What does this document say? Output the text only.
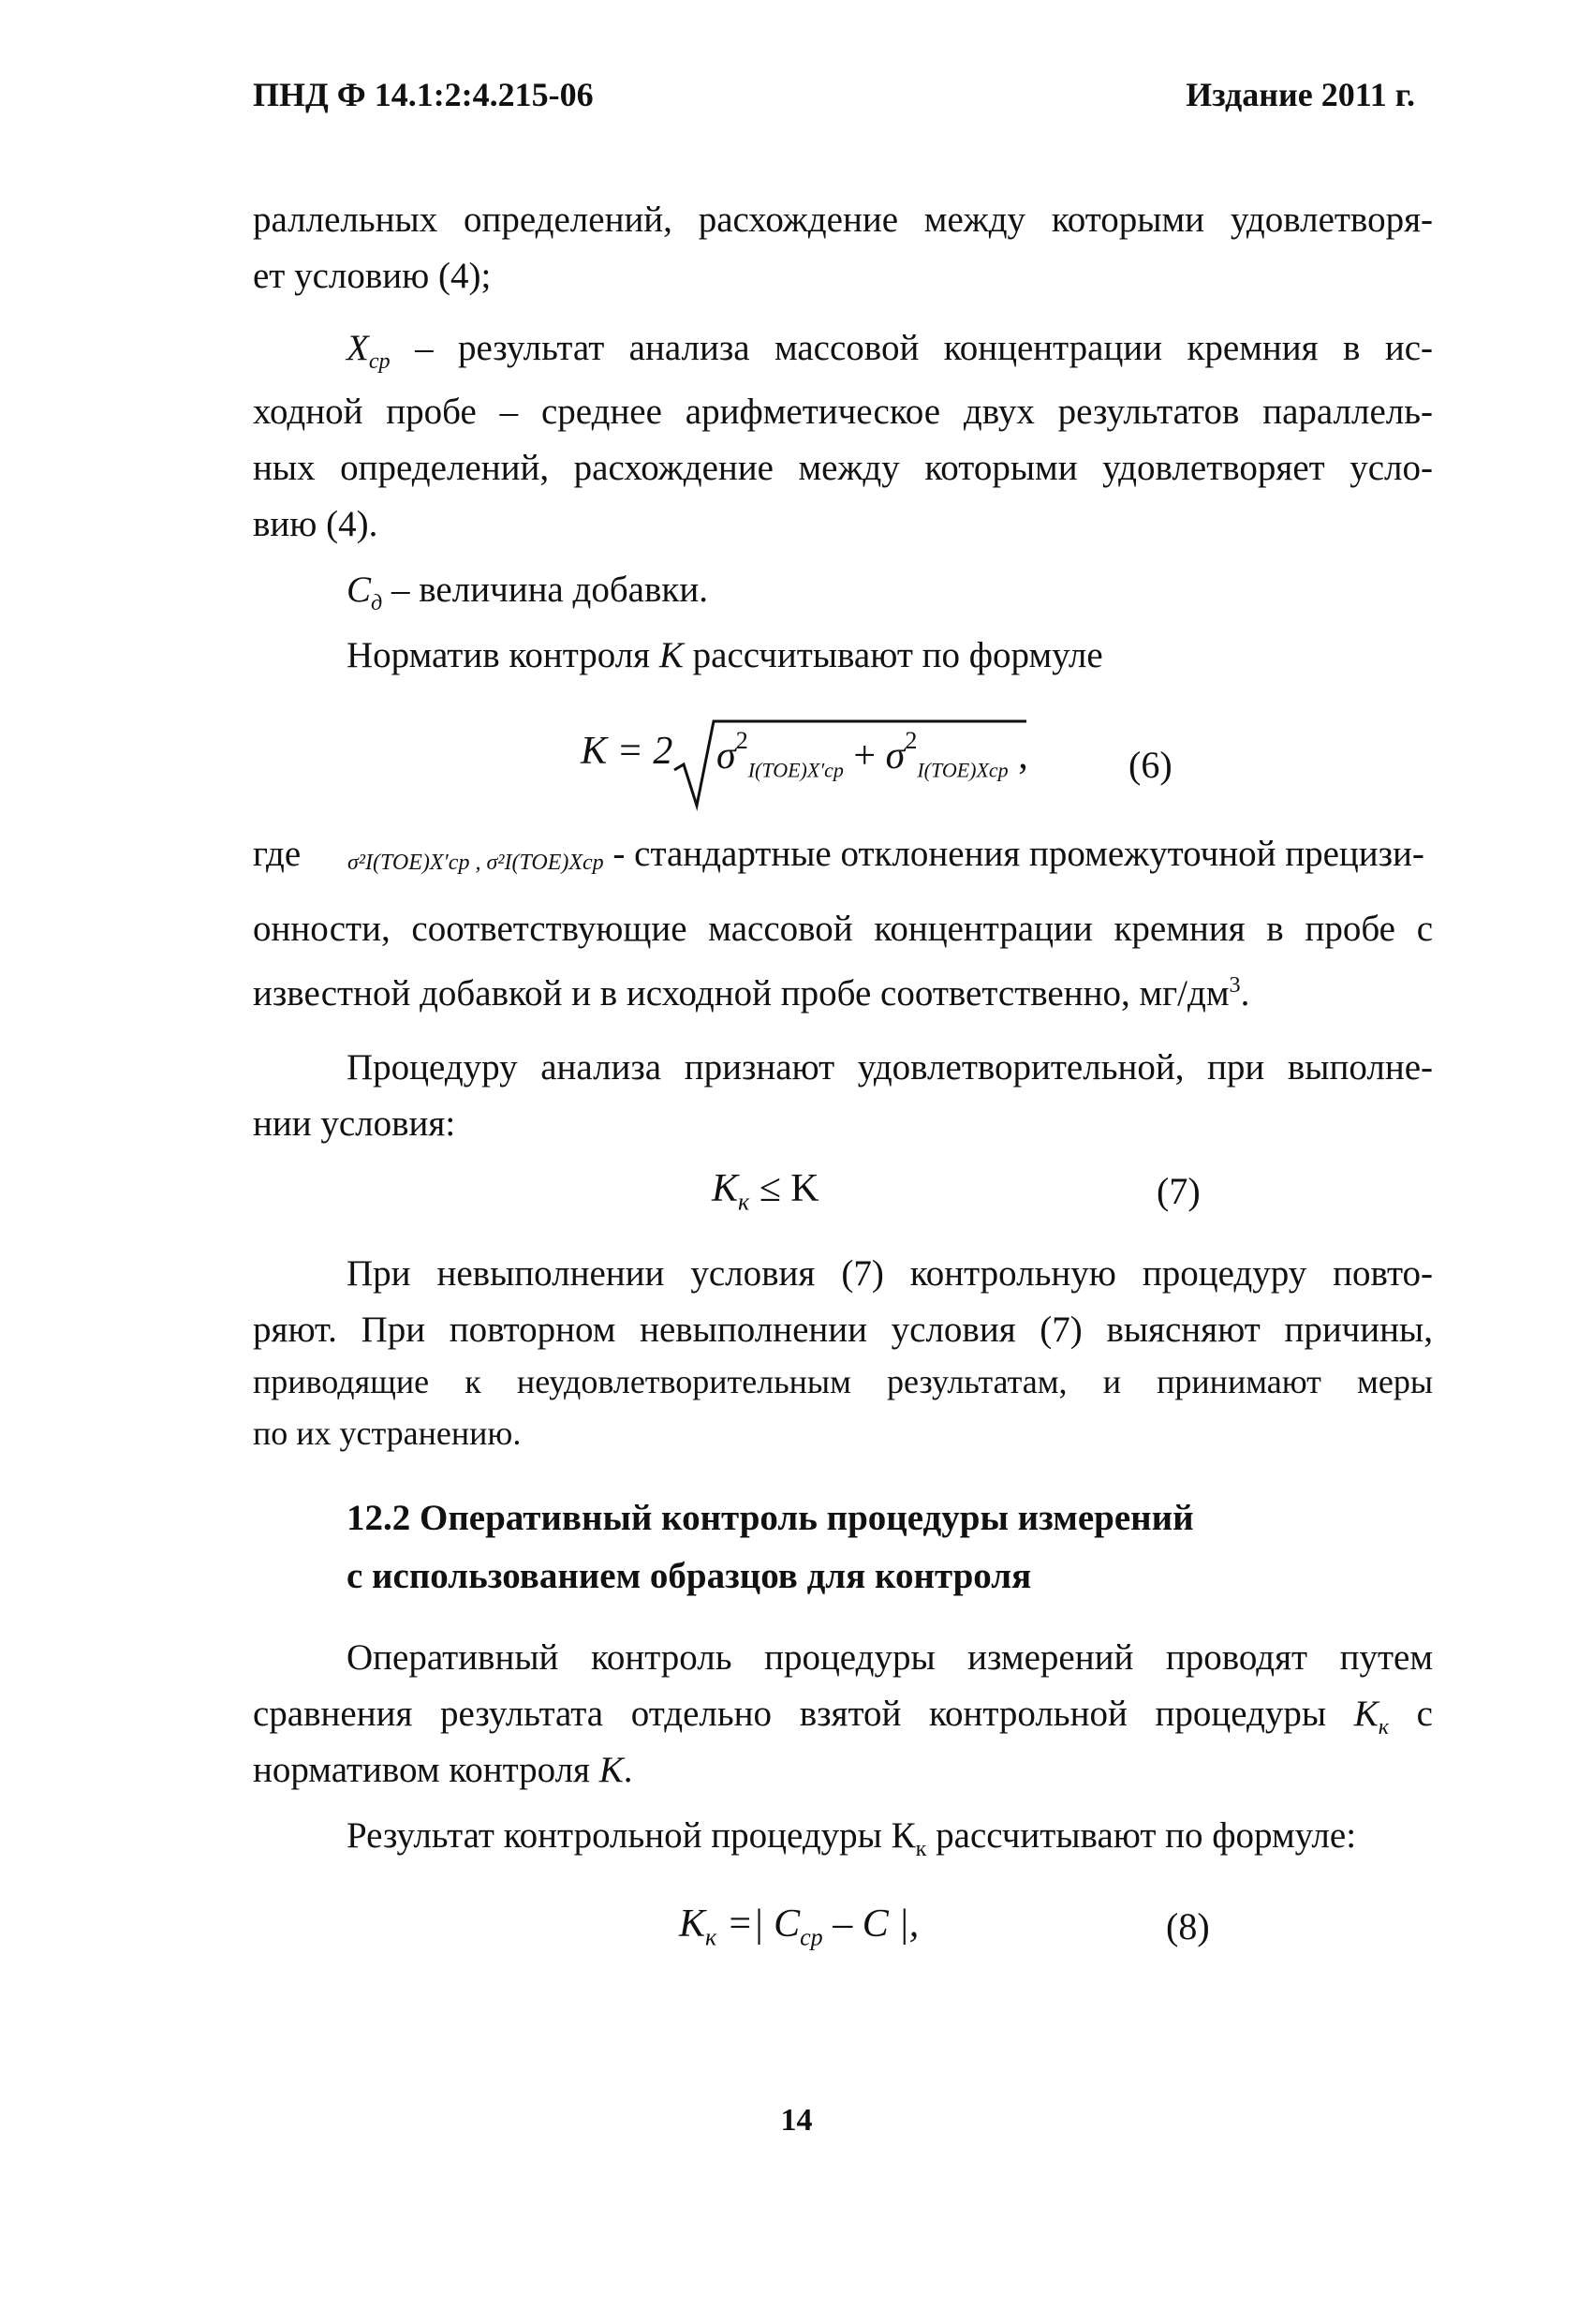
ПНД Ф 14.1:2:4.215-06	Издание 2011 г.
раллельных определений, расхождение между которыми удовлетворя-
ет условию (4);
$X_{ср}$ – результат анализа массовой концентрации кремния в ис-
ходной пробе – среднее арифметическое двух результатов параллель-
ных определений, расхождение между которыми удовлетворяет усло-
вию (4).
$C_д$ – величина добавки.
Норматив контроля K рассчитывают по формуле
K = 2 $\sigma^2_{I(TOE)X'ср} + \sigma^2_{I(TOE)Xср}$ ,	(6)
где σ²I(TOE)X′ср , σ²I(TOE)Xср - стандартные отклонения промежуточной прецизи-
онности, соответствующие массовой концентрации кремния в пробе с
известной добавкой и в исходной пробе соответственно, $мг/дм^3$.
Процедуру анализа признают удовлетворительной, при выполне-
нии условия:
$K_к \le K$	(7)
При невыполнении условия (7) контрольную процедуру повто-
ряют. При повторном невыполнении условия (7) выясняют причины,
приводящие к неудовлетворительным результатам, и принимают меры
по их устранению.
12.2 Оперативный контроль процедуры измерений
с использованием образцов для контроля
Оперативный контроль процедуры измерений проводят путем
сравнения результата отдельно взятой контрольной процедуры $K_к$ с
нормативом контроля K.
Результат контрольной процедуры $К_к$ рассчитывают по формуле:
$K_к$ =| $C_{ср}$ – C |,	(8)
14
